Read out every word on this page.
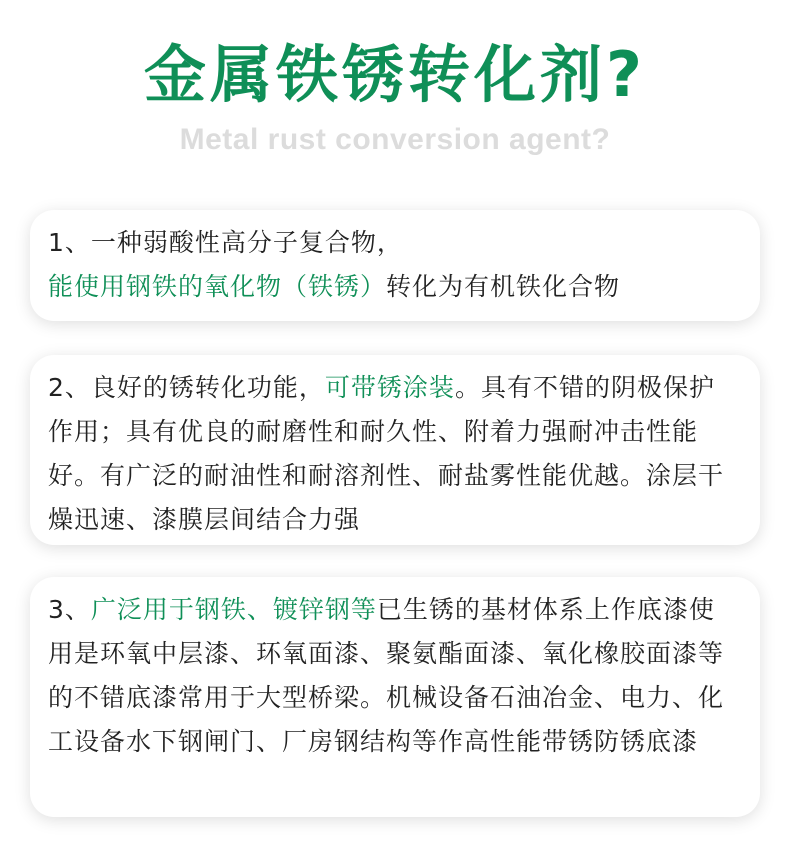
金属铁锈转化剂?
Metal rust conversion agent?

1、一种弱酸性高分子复合物，能使用钢铁的氧化物（铁锈）转化为有机铁化合物

2、良好的锈转化功能，可带锈涂装。具有不错的阴极保护作用；具有优良的耐磨性和耐久性、附着力强耐冲击性能好。有广泛的耐油性和耐溶剂性、耐盐雾性能优越。涂层干燥迅速、漆膜层间结合力强

3、广泛用于钢铁、镀锌钢等已生锈的基材体系上作底漆使用是环氧中层漆、环氧面漆、聚氨酯面漆、氧化橡胶面漆等的不错底漆常用于大型桥梁。机械设备石油冶金、电力、化工设备水下钢闸门、厂房钢结构等作高性能带锈防锈底漆
